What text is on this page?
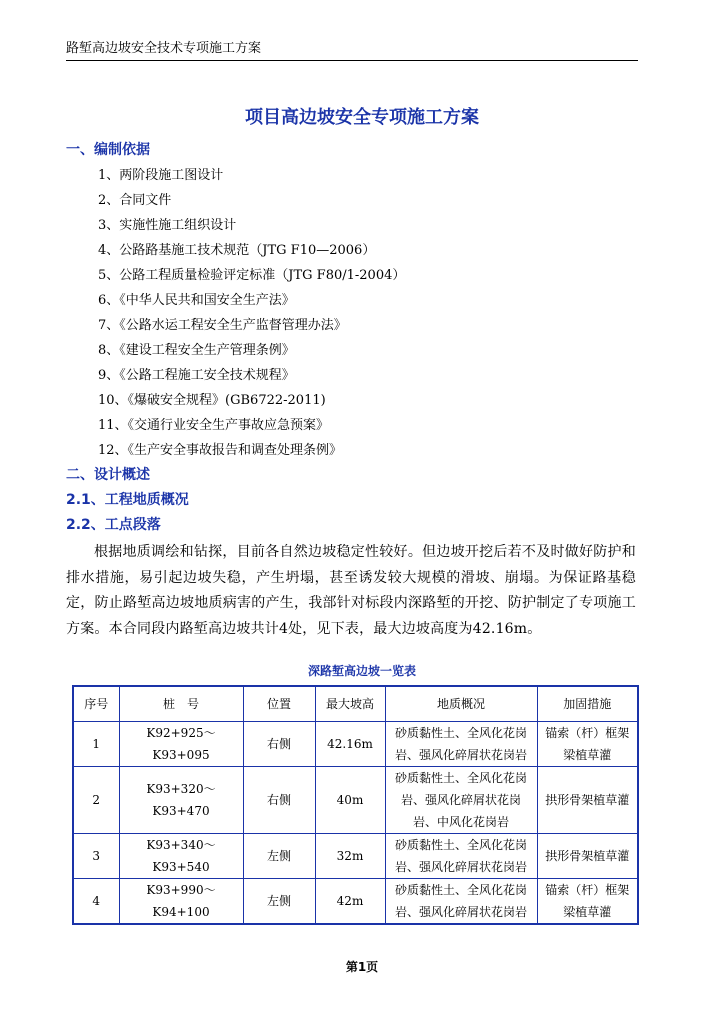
路堑高边坡安全技术专项施工方案
项目高边坡安全专项施工方案
一、编制依据
1、两阶段施工图设计
2、合同文件
3、实施性施工组织设计
4、公路路基施工技术规范（JTG F10—2006）
5、公路工程质量检验评定标准（JTG F80/1-2004）
6、《中华人民共和国安全生产法》
7、《公路水运工程安全生产监督管理办法》
8、《建设工程安全生产管理条例》
9、《公路工程施工安全技术规程》
10、《爆破安全规程》(GB6722-2011)
11、《交通行业安全生产事故应急预案》
12、《生产安全事故报告和调查处理条例》
二、设计概述
2.1、工程地质概况
2.2、工点段落

根据地质调绘和钻探，目前各自然边坡稳定性较好。但边坡开挖后若不及时做好防护和排水措施，易引起边坡失稳，产生坍塌，甚至诱发较大规模的滑坡、崩塌。为保证路基稳定，防止路堑高边坡地质病害的产生，我部针对标段内深路堑的开挖、防护制定了专项施工方案。本合同段内路堑高边坡共计4处，见下表，最大边坡高度为42.16m。

深路堑高边坡一览表
序号	桩　号	位置	最大坡高	地质概况	加固措施
1	K92+925～K93+095	右侧	42.16m	砂质黏性土、全风化花岗岩、强风化碎屑状花岗岩	锚索（杆）框架梁植草灌
2	K93+320～K93+470	右侧	40m	砂质黏性土、全风化花岗岩、强风化碎屑状花岗岩、中风化花岗岩	拱形骨架植草灌
3	K93+340～K93+540	左侧	32m	砂质黏性土、全风化花岗岩、强风化碎屑状花岗岩	拱形骨架植草灌
4	K93+990～K94+100	左侧	42m	砂质黏性土、全风化花岗岩、强风化碎屑状花岗岩	锚索（杆）框架梁植草灌
第1页
